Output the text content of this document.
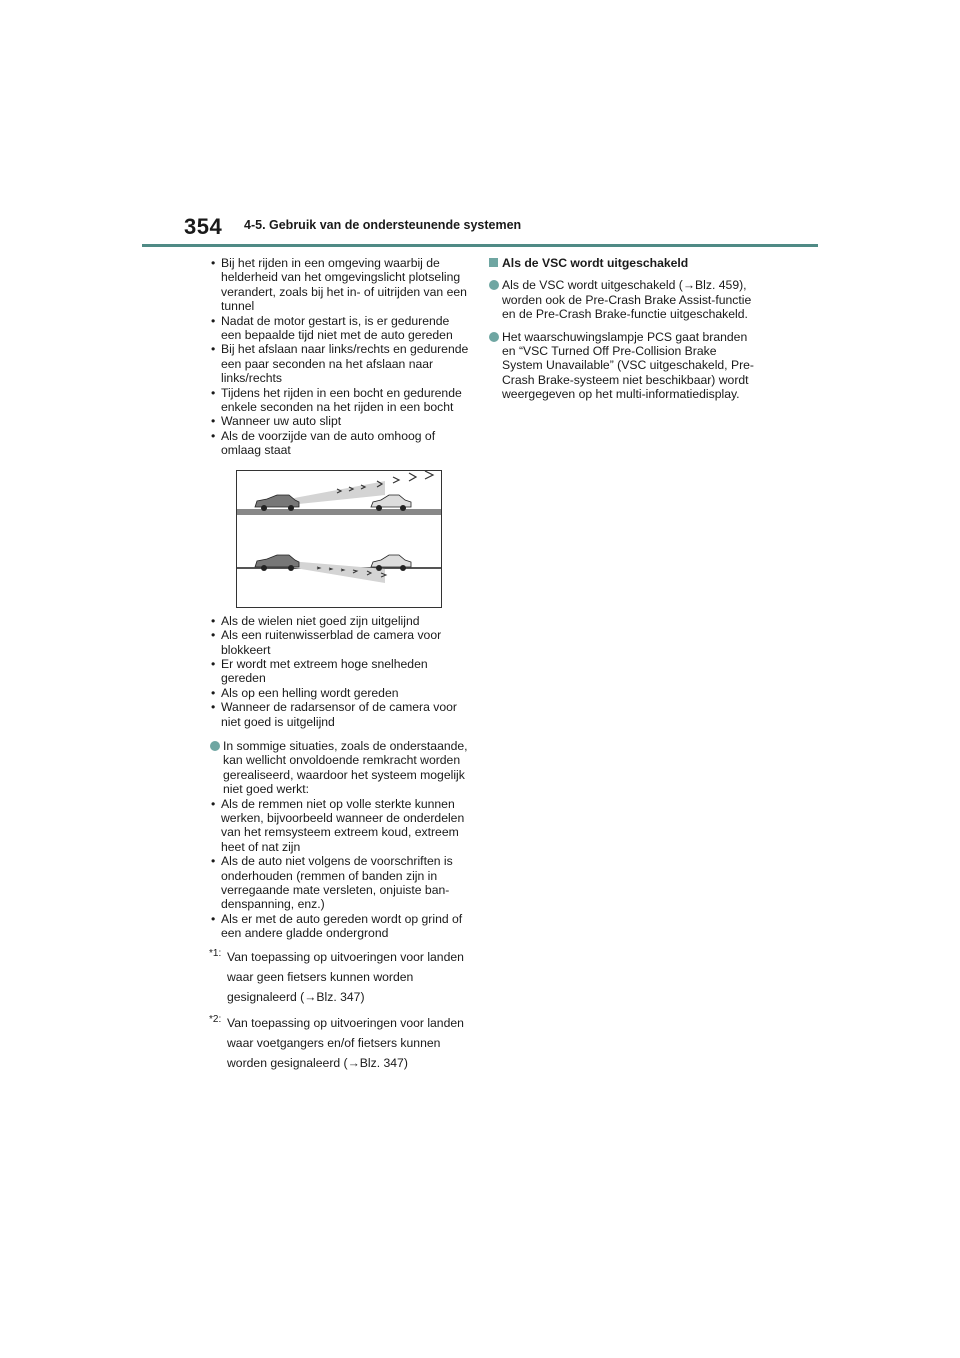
354 4-5. Gebruik van de ondersteunende systemen
• Bij het rijden in een omgeving waarbij de helderheid van het omgevingslicht plotseling verandert, zoals bij het in- of uitrijden van een tunnel
• Nadat de motor gestart is, is er gedurende een bepaalde tijd niet met de auto gereden
• Bij het afslaan naar links/rechts en gedurende een paar seconden na het afslaan naar links/rechts
• Tijdens het rijden in een bocht en gedurende enkele seconden na het rijden in een bocht
• Wanneer uw auto slipt
• Als de voorzijde van de auto omhoog of omlaag staat
• Als de wielen niet goed zijn uitgelijnd
• Als een ruitenwisserblad de camera voor blokkeert
• Er wordt met extreem hoge snelheden gereden
• Als op een helling wordt gereden
• Wanneer de radarsensor of de camera voor niet goed is uitgelijnd
In sommige situaties, zoals de onderstaande, kan wellicht onvoldoende remkracht worden gerealiseerd, waardoor het systeem mogelijk niet goed werkt:
• Als de remmen niet op volle sterkte kunnen werken, bijvoorbeeld wanneer de onderdelen van het remsysteem extreem koud, extreem heet of nat zijn
• Als de auto niet volgens de voorschriften is onderhouden (remmen of banden zijn in verregaande mate versleten, onjuiste bandenspanning, enz.)
• Als er met de auto gereden wordt op grind of een andere gladde ondergrond
*1: Van toepassing op uitvoeringen voor landen waar geen fietsers kunnen worden gesignaleerd (→Blz. 347)
*2: Van toepassing op uitvoeringen voor landen waar voetgangers en/of fietsers kunnen worden gesignaleerd (→Blz. 347)
Als de VSC wordt uitgeschakeld
Als de VSC wordt uitgeschakeld (→Blz. 459), worden ook de Pre-Crash Brake Assist-functie en de Pre-Crash Brake-functie uitgeschakeld.
Het waarschuwingslampje PCS gaat branden en “VSC Turned Off Pre-Collision Brake System Unavailable” (VSC uitgeschakeld, Pre-Crash Brake-systeem niet beschikbaar) wordt weergegeven op het multi-informatiedisplay.
